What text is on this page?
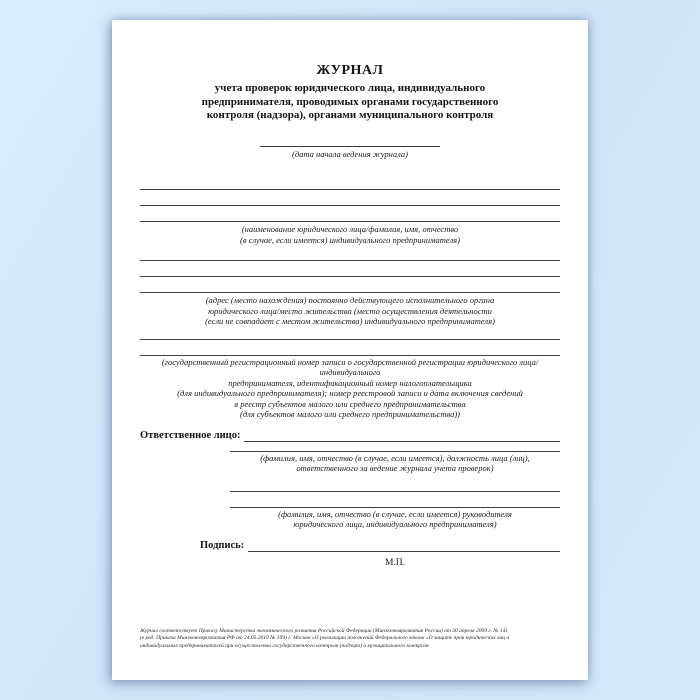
ЖУРНАЛ
учета проверок юридического лица, индивидуального
предпринимателя, проводимых органами государственного
контроля (надзора), органами муниципального контроля
(дата начала ведения журнала)
(наименование юридического лица/фамилия, имя, отчество
(в случае, если имеется) индивидуального предпринимателя)
(адрес (место нахождения) постоянно действующего исполнительного органа
юридического лица/место жительства (место осуществления деятельности
(если не совпадает с местом жительства) индивидуального предпринимателя)
(государственный регистрационный номер записи о государственной регистрации юридического лица/индивидуального
предпринимателя, идентификационный номер налогоплательщика
(для индивидуального предпринимателя); номер реестровой записи и дата включения сведений
в реестр субъектов малого или среднего предпринимательства
(для субъектов малого или среднего предпринимательства))
Ответственное лицо:
(фамилия, имя, отчество (в случае, если имеется), должность лица (лиц),
ответственного за ведение журнала учета проверок)
(фамилия, имя, отчество (в случае, если имеется) руководителя
юридического лица, индивидуального предпринимателя)
Подпись:
М.П.
Журнал соответствует Приказу Министерства экономического развития Российской Федерации (Минэкономразвития России) от 30 апреля 2009 г. № 141
(в ред. Приказа Минэкономразвития РФ от 24.05.2010 № 199) г. Москва «О реализации положений Федерального закона «О защите прав юридических лиц и
индивидуальных предпринимателей при осуществлении государственного контроля (надзора) и муниципального контроля
